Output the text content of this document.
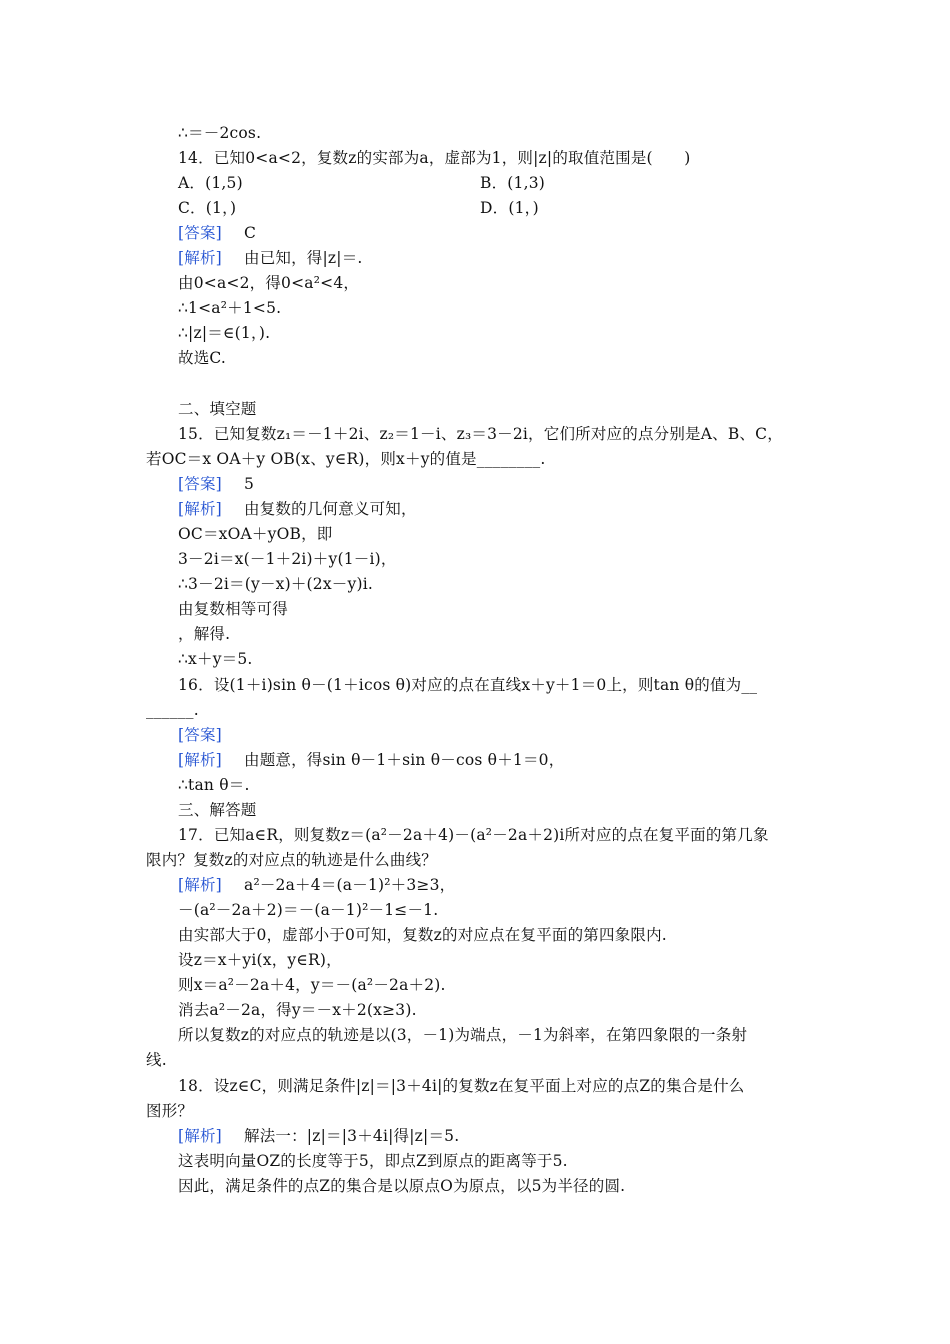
∴＝－2cos.
14．已知0<a<2，复数z的实部为a，虚部为1，则|z|的取值范围是(　　)
A．(1,5)	B．(1,3)
C．(1，)	D．(1，)
[答案] C
[解析] 由已知，得|z|＝.
由0<a<2，得0<a²<4，
∴1<a²＋1<5.
∴|z|＝∈(1，).
故选C.
二、填空题
15．已知复数z₁＝－1＋2i、z₂＝1－i、z₃＝3－2i，它们所对应的点分别是A、B、C，
若OC＝x OA＋y OB(x、y∈R)，则x＋y的值是________.
[答案] 5
[解析] 由复数的几何意义可知，
OC＝xOA＋yOB，即
3－2i＝x(－1＋2i)＋y(1－i)，
∴3－2i＝(y－x)＋(2x－y)i.
由复数相等可得
，解得.
∴x＋y＝5.
16．设(1＋i)sin θ－(1＋icos θ)对应的点在直线x＋y＋1＝0上，则tan θ的值为__
______.
[答案]
[解析] 由题意，得sin θ－1＋sin θ－cos θ＋1＝0，
∴tan θ＝.
三、解答题
17．已知a∈R，则复数z＝(a²－2a＋4)－(a²－2a＋2)i所对应的点在复平面的第几象
限内？复数z的对应点的轨迹是什么曲线？
[解析] a²－2a＋4＝(a－1)²＋3≥3，
－(a²－2a＋2)＝－(a－1)²－1≤－1.
由实部大于0，虚部小于0可知，复数z的对应点在复平面的第四象限内.
设z＝x＋yi(x，y∈R)，
则x＝a²－2a＋4，y＝－(a²－2a＋2).
消去a²－2a，得y＝－x＋2(x≥3).
所以复数z的对应点的轨迹是以(3，－1)为端点，－1为斜率，在第四象限的一条射
线.
18．设z∈C，则满足条件|z|＝|3＋4i|的复数z在复平面上对应的点Z的集合是什么
图形？
[解析] 解法一：|z|＝|3＋4i|得|z|＝5.
这表明向量OZ的长度等于5，即点Z到原点的距离等于5.
因此，满足条件的点Z的集合是以原点O为原点，以5为半径的圆.
